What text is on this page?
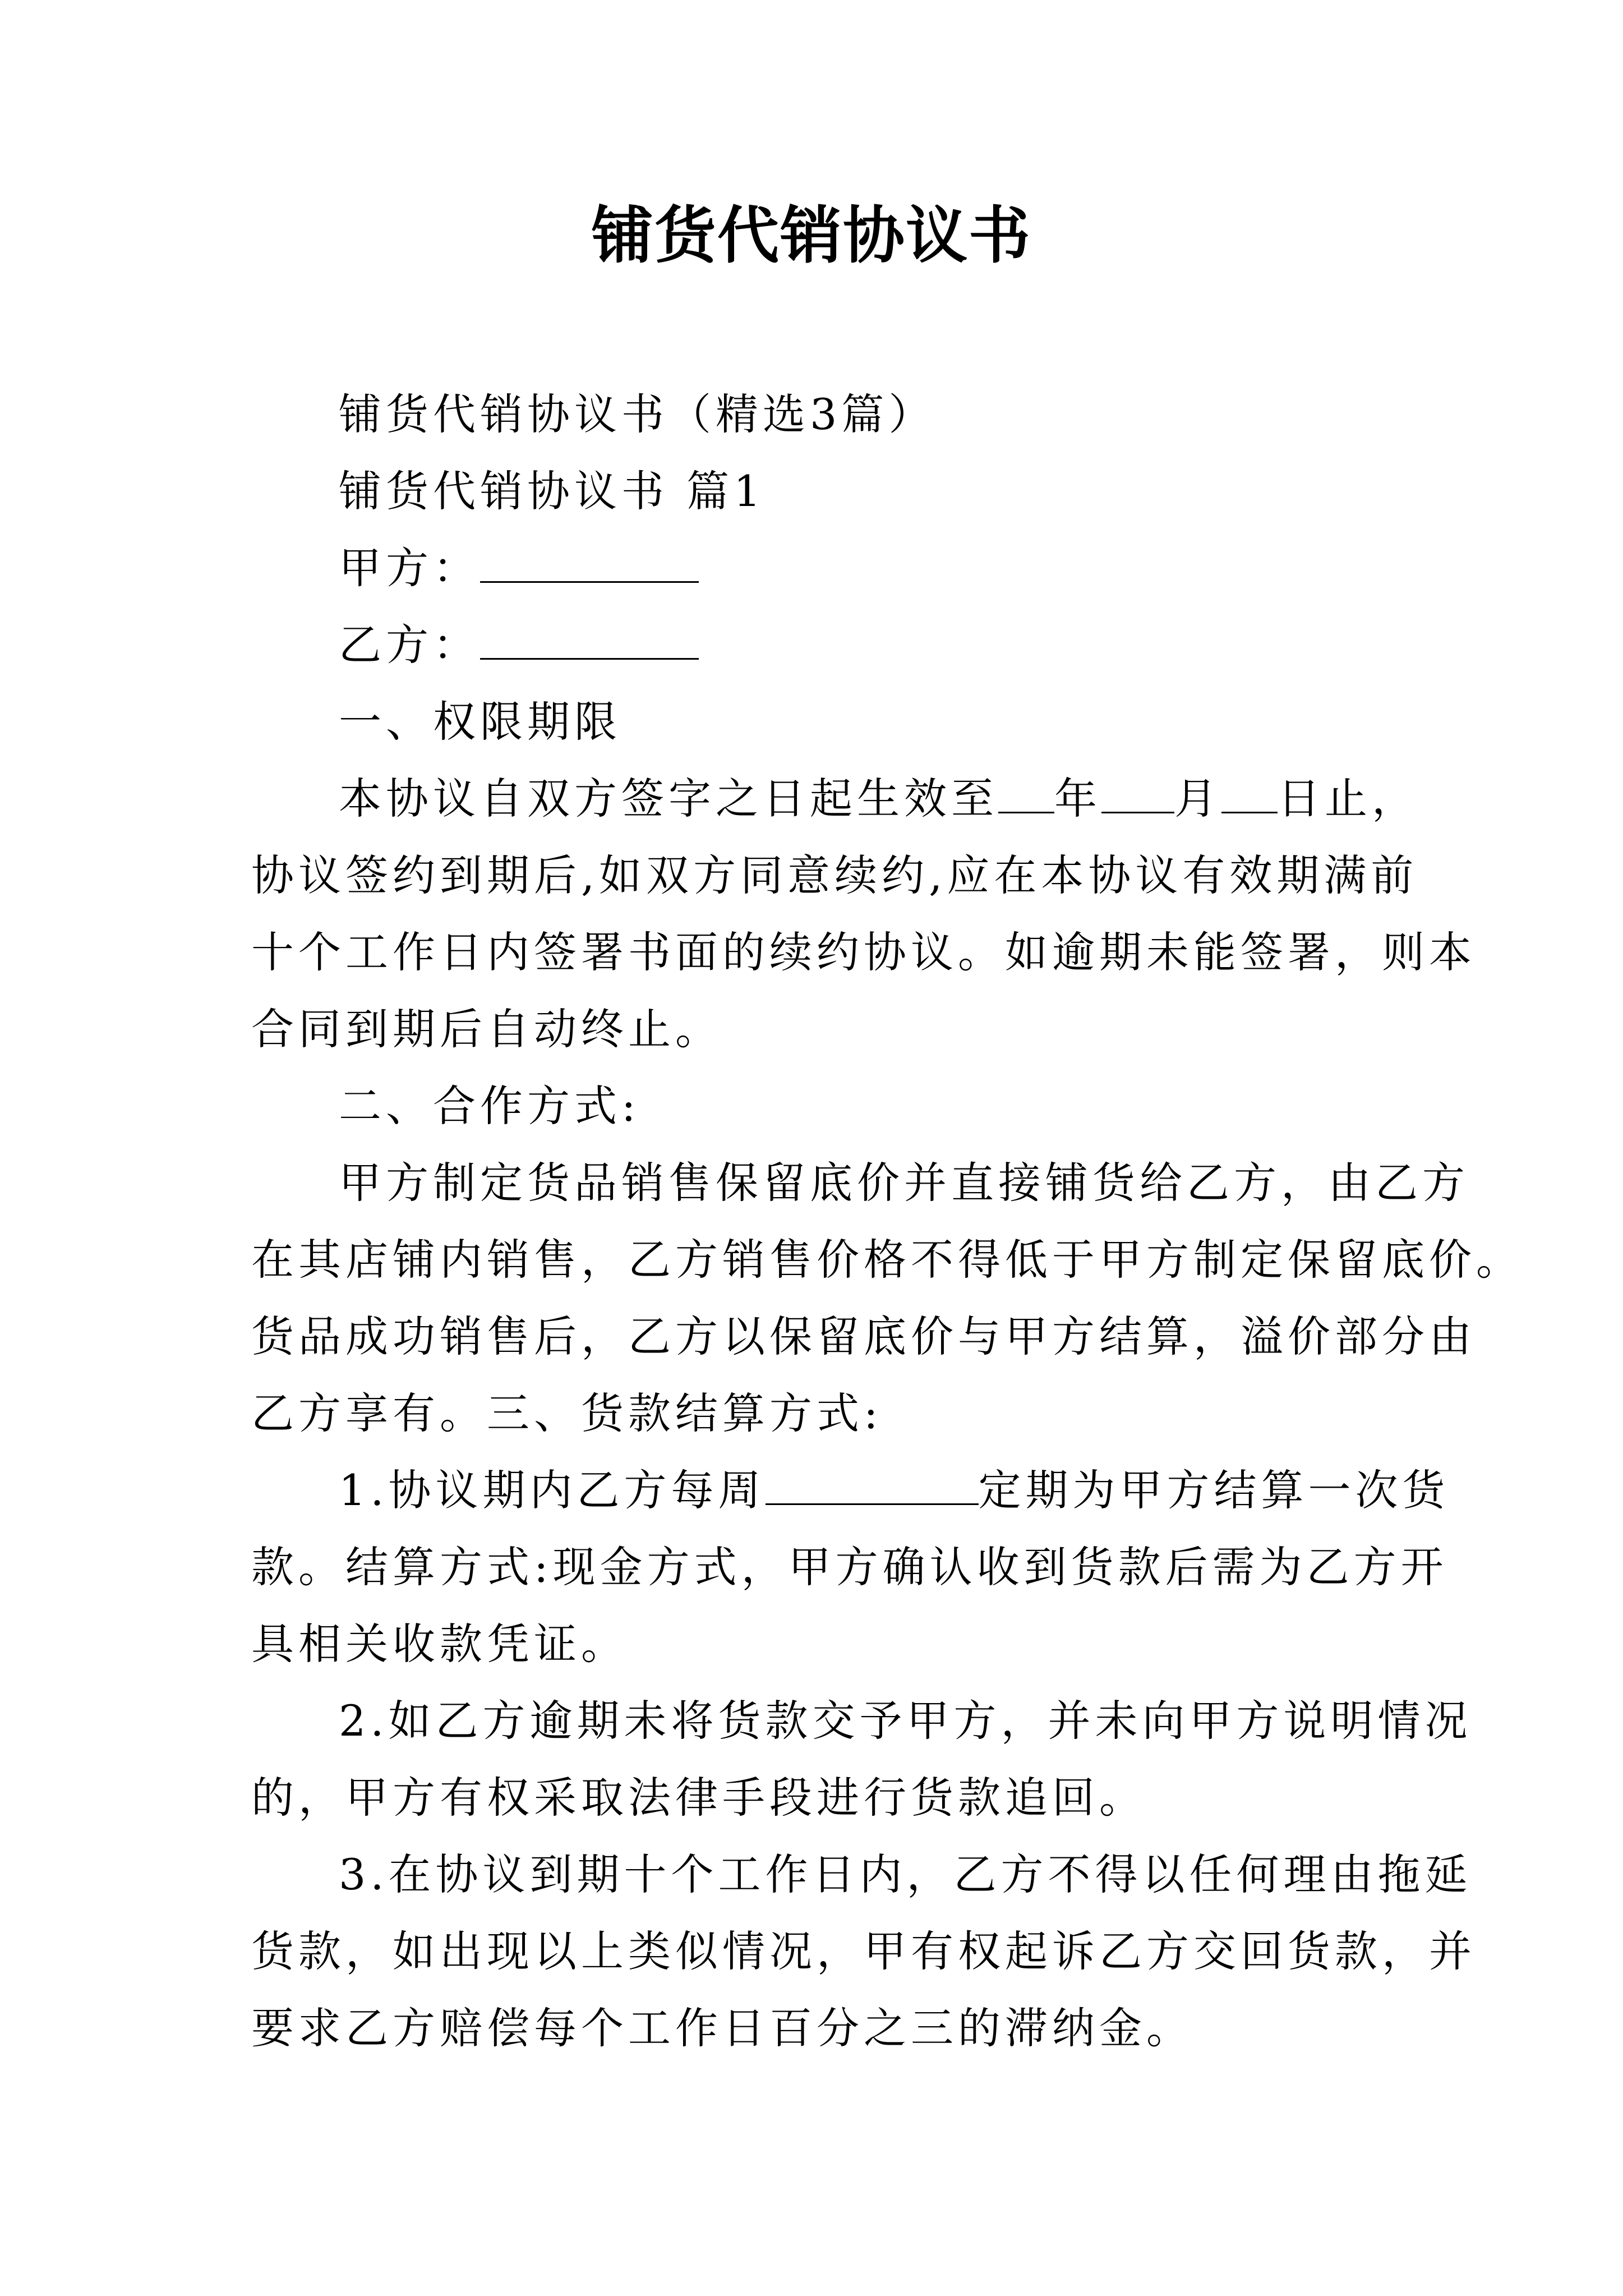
铺货代销协议书

铺货代销协议书（精选3篇）

铺货代销协议书 篇1

甲方：

乙方：

一、权限期限

本协议自双方签字之日起生效至 年 月 日止，

协议签约到期后,如双方同意续约,应在本协议有效期满前

十个工作日内签署书面的续约协议。如逾期未能签署，则本

合同到期后自动终止。

二、合作方式:

甲方制定货品销售保留底价并直接铺货给乙方，由乙方

在其店铺内销售，乙方销售价格不得低于甲方制定保留底价。

货品成功销售后，乙方以保留底价与甲方结算，溢价部分由

乙方享有。三、货款结算方式:

1.协议期内乙方每周	定期为甲方结算一次货

款。结算方式:现金方式，甲方确认收到货款后需为乙方开

具相关收款凭证。

2.如乙方逾期未将货款交予甲方，并未向甲方说明情况

的，甲方有权采取法律手段进行货款追回。

3.在协议到期十个工作日内，乙方不得以任何理由拖延

货款，如出现以上类似情况，甲有权起诉乙方交回货款，并

要求乙方赔偿每个工作日百分之三的滞纳金。
